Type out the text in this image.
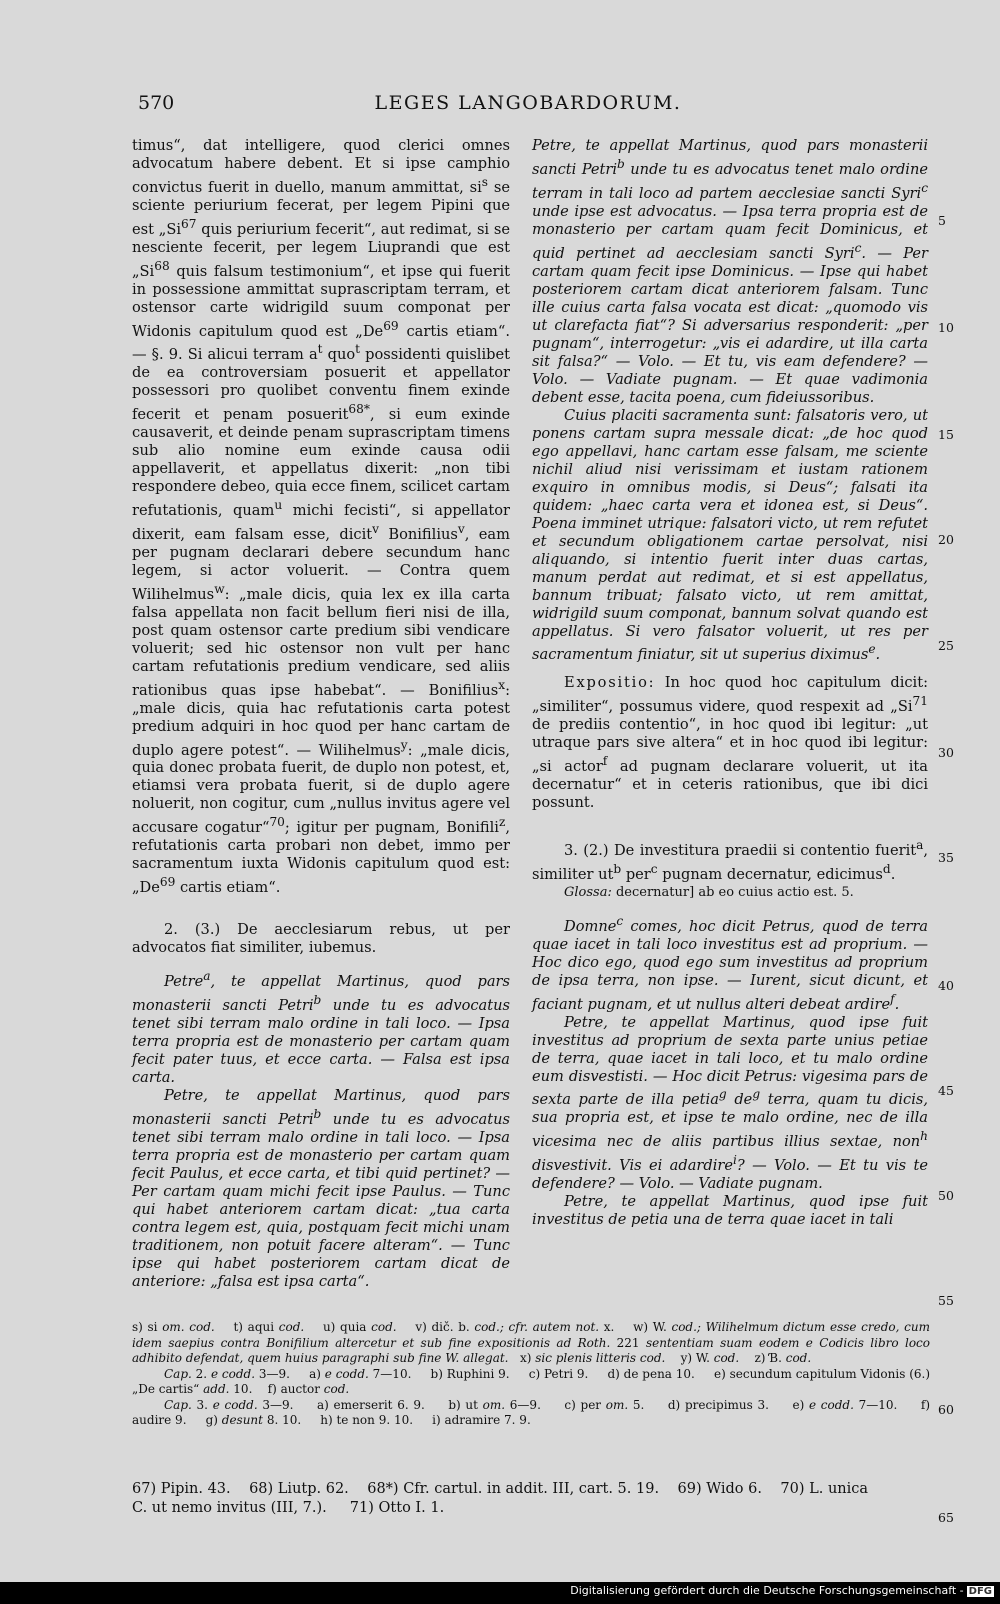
570	LEGES LANGOBARDORUM.

timus“, dat intelligere, quod clerici omnes advocatum habere debent. Et si ipse camphio convictus fuerit in duello, manum ammittat, $si^s$ se sciente periurium fecerat, per legem Pipini que est „Si$^{67}$ quis periurium fecerit“, aut redimat, si se nesciente fecerit, per legem Liuprandi que est „Si$^{68}$ quis falsum testimonium“, et ipse qui fuerit in possessione ammittat suprascriptam terram, et ostensor carte widrigild suum componat per Widonis capitulum quod est „De$^{69}$ cartis etiam“. — §. 9. Si alicui terram $a^t$ quo$^t$ possidenti quislibet de ea controversiam posuerit et appellator possessori pro quolibet conventu finem exinde fecerit et penam posuerit$^{68*}$, si eum exinde causaverit, et deinde penam suprascriptam timens sub alio nomine eum exinde causa odii appellaverit, et appellatus dixerit: „non tibi respondere debeo, quia ecce finem, scilicet cartam refutationis, quam$^u$ michi fecisti“, si appellator dixerit, eam falsam esse, dicit$^v$ Bonifilius$^v$, eam per pugnam declarari debere secundum hanc legem, si actor voluerit. — Contra quem Wilihelmus$^w$: „male dicis, quia lex ex illa carta falsa appellata non facit bellum fieri nisi de illa, post quam ostensor carte predium sibi vendicare voluerit; sed hic ostensor non vult per hanc cartam refutationis predium vendicare, sed aliis rationibus quas ipse habebat“. — Bonifilius$^x$: „male dicis, quia hac refutationis carta potest predium adquiri in hoc quod per hanc cartam de duplo agere potest“. — Wilihelmus$^y$: „male dicis, quia donec probata fuerit, de duplo non potest, et, etiamsi vera probata fuerit, si de duplo agere noluerit, non cogitur, cum „nullus invitus agere vel accusare cogatur“$^{70}$; igitur per pugnam, Bonifili$^z$, refutationis carta probari non debet, immo per sacramentum iuxta Widonis capitulum quod est: „De$^{69}$ cartis etiam“.

2. (3.) De aecclesiarum rebus, ut per advocatos fiat similiter, iubemus.

Petre$^a$, te appellat Martinus, quod pars monasterii sancti Petri$^b$ unde tu es advocatus tenet sibi terram malo ordine in tali loco. — Ipsa terra propria est de monasterio per cartam quam fecit pater tuus, et ecce carta. — Falsa est ipsa carta.

Petre, te appellat Martinus, quod pars monasterii sancti Petri$^b$ unde tu es advocatus tenet sibi terram malo ordine in tali loco. — Ipsa terra propria est de monasterio per cartam quam fecit Paulus, et ecce carta, et tibi quid pertinet? — Per cartam quam michi fecit ipse Paulus. — Tunc qui habet anteriorem cartam dicat: „tua carta contra legem est, quia, postquam fecit michi unam traditionem, non potuit facere alteram“. — Tunc ipse qui habet posteriorem cartam dicat de anteriore: „falsa est ipsa carta“.

Petre, te appellat Martinus, quod pars monasterii sancti Petri$^b$ unde tu es advocatus tenet malo ordine terram in tali loco ad partem aecclesiae sancti Syri$^c$ unde ipse est advocatus. — Ipsa terra propria est de monasterio per cartam quam fecit Dominicus, et quid pertinet ad aecclesiam sancti Syri$^c$. — Per cartam quam fecit ipse Dominicus. — Ipse qui habet posteriorem cartam dicat anteriorem falsam. Tunc ille cuius carta falsa vocata est dicat: „quomodo vis ut clarefacta fiat“? Si adversarius responderit: „per pugnam“, interrogetur: „vis ei adardire, ut illa carta sit falsa?“ — Volo. — Et tu, vis eam defendere? — Volo. — Vadiate pugnam. — Et quae vadimonia debent esse, tacita poena, cum fideiussoribus.

Cuius placiti sacramenta sunt: falsatoris vero, ut ponens cartam supra messale dicat: „de hoc quod ego appellavi, hanc cartam esse falsam, me sciente nichil aliud nisi verissimam et iustam rationem exquiro in omnibus modis, si Deus“; falsati ita quidem: „haec carta vera et idonea est, si Deus“. Poena imminet utrique: falsatori victo, ut rem refutet et secundum obligationem cartae persolvat, nisi aliquando, si intentio fuerit inter duas cartas, manum perdat aut redimat, et si est appellatus, bannum tribuat; falsato victo, ut rem amittat, widrigild suum componat, bannum solvat quando est appellatus. Si vero falsator voluerit, ut res per sacramentum finiatur, sit ut superius diximus$^e$.

Expositio: In hoc quod hoc capitulum dicit: „similiter“, possumus videre, quod respexit ad „Si$^{71}$ de prediis contentio“, in hoc quod ibi legitur: „ut utraque pars sive altera“ et in hoc quod ibi legitur: „si actor$^f$ ad pugnam declarare voluerit, ut ita decernatur“ et in ceteris rationibus, que ibi dici possunt.

3. (2.) De investitura praedii si contentio fuerit$^a$, similiter $ut^b$ per$^c$ pugnam decernatur, edicimus$^d$.

Glossa: decernatur] ab eo cuius actio est. 5.

Domne$^c$ comes, hoc dicit Petrus, quod de terra quae iacet in tali loco investitus est ad proprium. — Hoc dico ego, quod ego sum investitus ad proprium de ipsa terra, non ipse. — Iurent, sicut dicunt, et faciant pugnam, et ut nullus alteri debeat ardire$^f$.

Petre, te appellat Martinus, quod ipse fuit investitus ad proprium de sexta parte unius petiae de terra, quae iacet in tali loco, et tu malo ordine eum disvestisti. — Hoc dicit Petrus: vigesima pars de sexta parte de illa petia$^g$ $de^g$ terra, quam tu dicis, sua propria est, et ipse te malo ordine, nec de illa vicesima nec de aliis partibus illius sextae, non$^h$ disvestivit. Vis ei adardire$^i$? — Volo. — Et tu vis te defendere? — Volo. — Vadiate pugnam.

Petre, te appellat Martinus, quod ipse fuit investitus de petia una de terra quae iacet in tali

5
10
15
20
25
30
35
40
45
50
55
60
65

s) si om. cod.    t) aqui cod.    u) quia cod.    v) dič. b. cod.; cfr. autem not. x.    w) W. cod.; Wilihelmum dictum esse credo, cum idem saepius contra Bonifilium altercetur et sub fine expositionis ad Roth. 221 sententiam suam eodem e Codicis libro loco adhibito defendat, quem huius paragraphi sub fine W. allegat.   x) sic plenis litteris cod.    y) W. cod.    z) Ɓ. cod.

Cap. 2. e codd. 3—9.     a) e codd. 7—10.     b) Ruphini 9.     c) Petri 9.     d) de pena 10.     e) secundum capitulum Vidonis (6.) „De cartis“ add. 10.    f) auctor cod.

Cap. 3. e codd. 3—9.     a) emerserit 6. 9.     b) ut om. 6—9.     c) per om. 5.     d) precipimus 3.     e) e codd. 7—10.     f) audire 9.     g) desunt 8. 10.     h) te non 9. 10.     i) adramire 7. 9.

67) Pipin. 43.    68) Liutp. 62.    68*) Cfr. cartul. in addit. III, cart. 5. 19.    69) Wido 6.    70) L. unica

C. ut nemo invitus (III, 7.).     71) Otto I. 1.

Digitalisierung gefördert durch die Deutsche Forschungsgemeinschaft - DFG
